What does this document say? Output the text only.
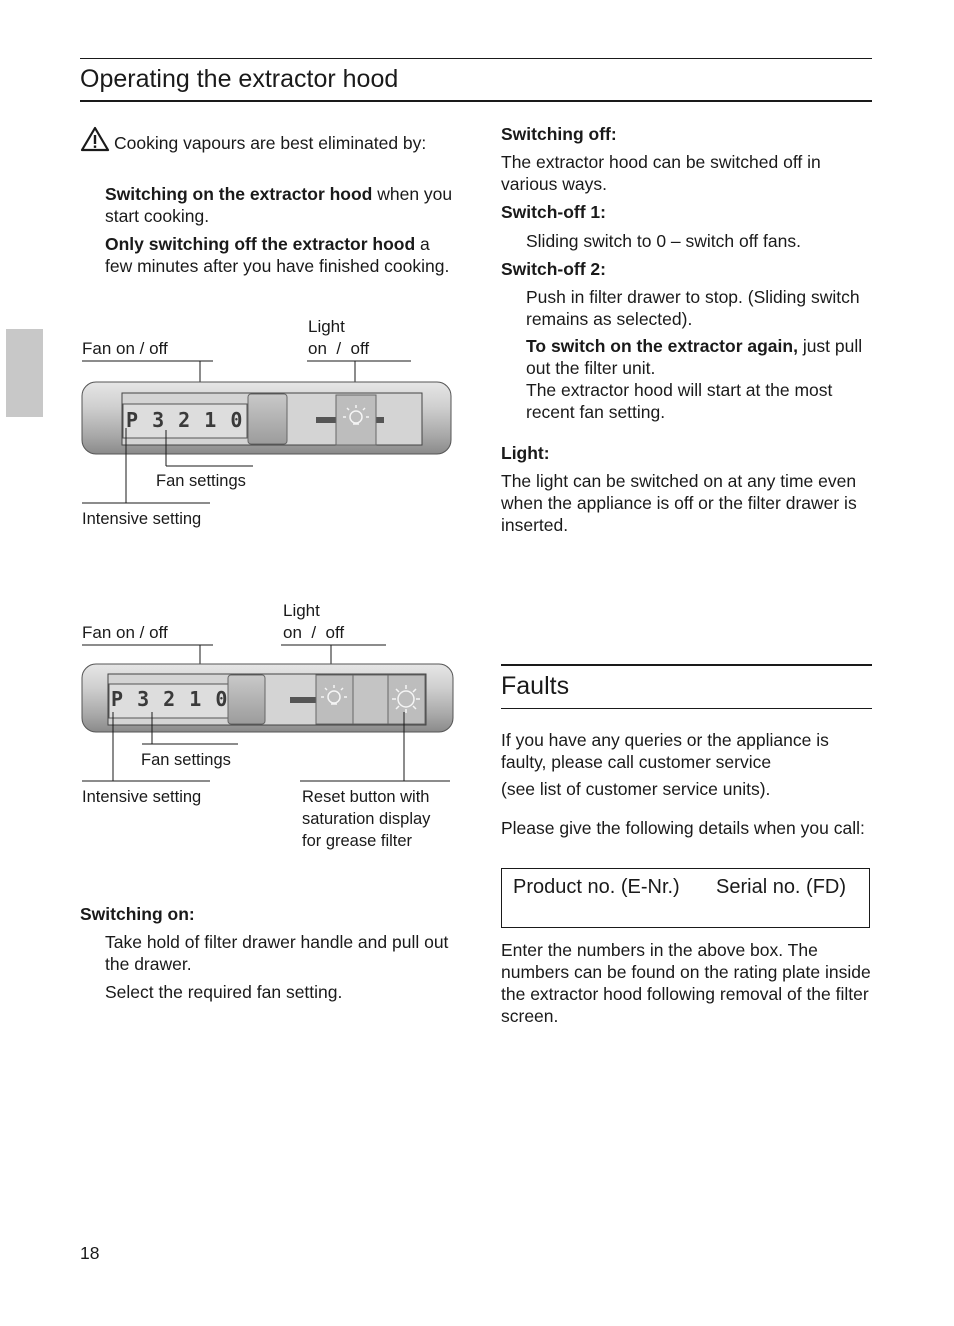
Operating the extractor hood
Cooking vapours are best eliminated by:
Switching on the extractor hood when you start cooking.
Only switching off the extractor hood a few minutes after you have finished cooking.
Light
on  /  off
Fan on / off
P 3 2 1 0
Fan settings
Intensive setting
Light
on  /  off
Fan on / off
P 3 2 1 0
Fan settings
Intensive setting	Reset button with
saturation display
for grease filter
Switching on:
Take hold of filter drawer handle and pull out the drawer.
Select the required fan setting.
Switching off:
The extractor hood can be switched off in various ways.
Switch-off 1:
Sliding switch to 0 – switch off fans.
Switch-off 2:
Push in filter drawer to stop. (Sliding switch remains as selected).
To switch on the extractor again, just pull out the filter unit.
The extractor hood will start at the most recent fan setting.
Light:
The light can be switched on at any time even when the appliance is off or the filter drawer is inserted.
Faults
If you have any queries or the appliance is faulty, please call customer service
(see list of customer service units).
Please give the following details when you call:
Product no. (E-Nr.) Serial no. (FD)
Enter the numbers in the above box. The numbers can be found on the rating plate inside the extractor hood following removal of the filter screen.
18
